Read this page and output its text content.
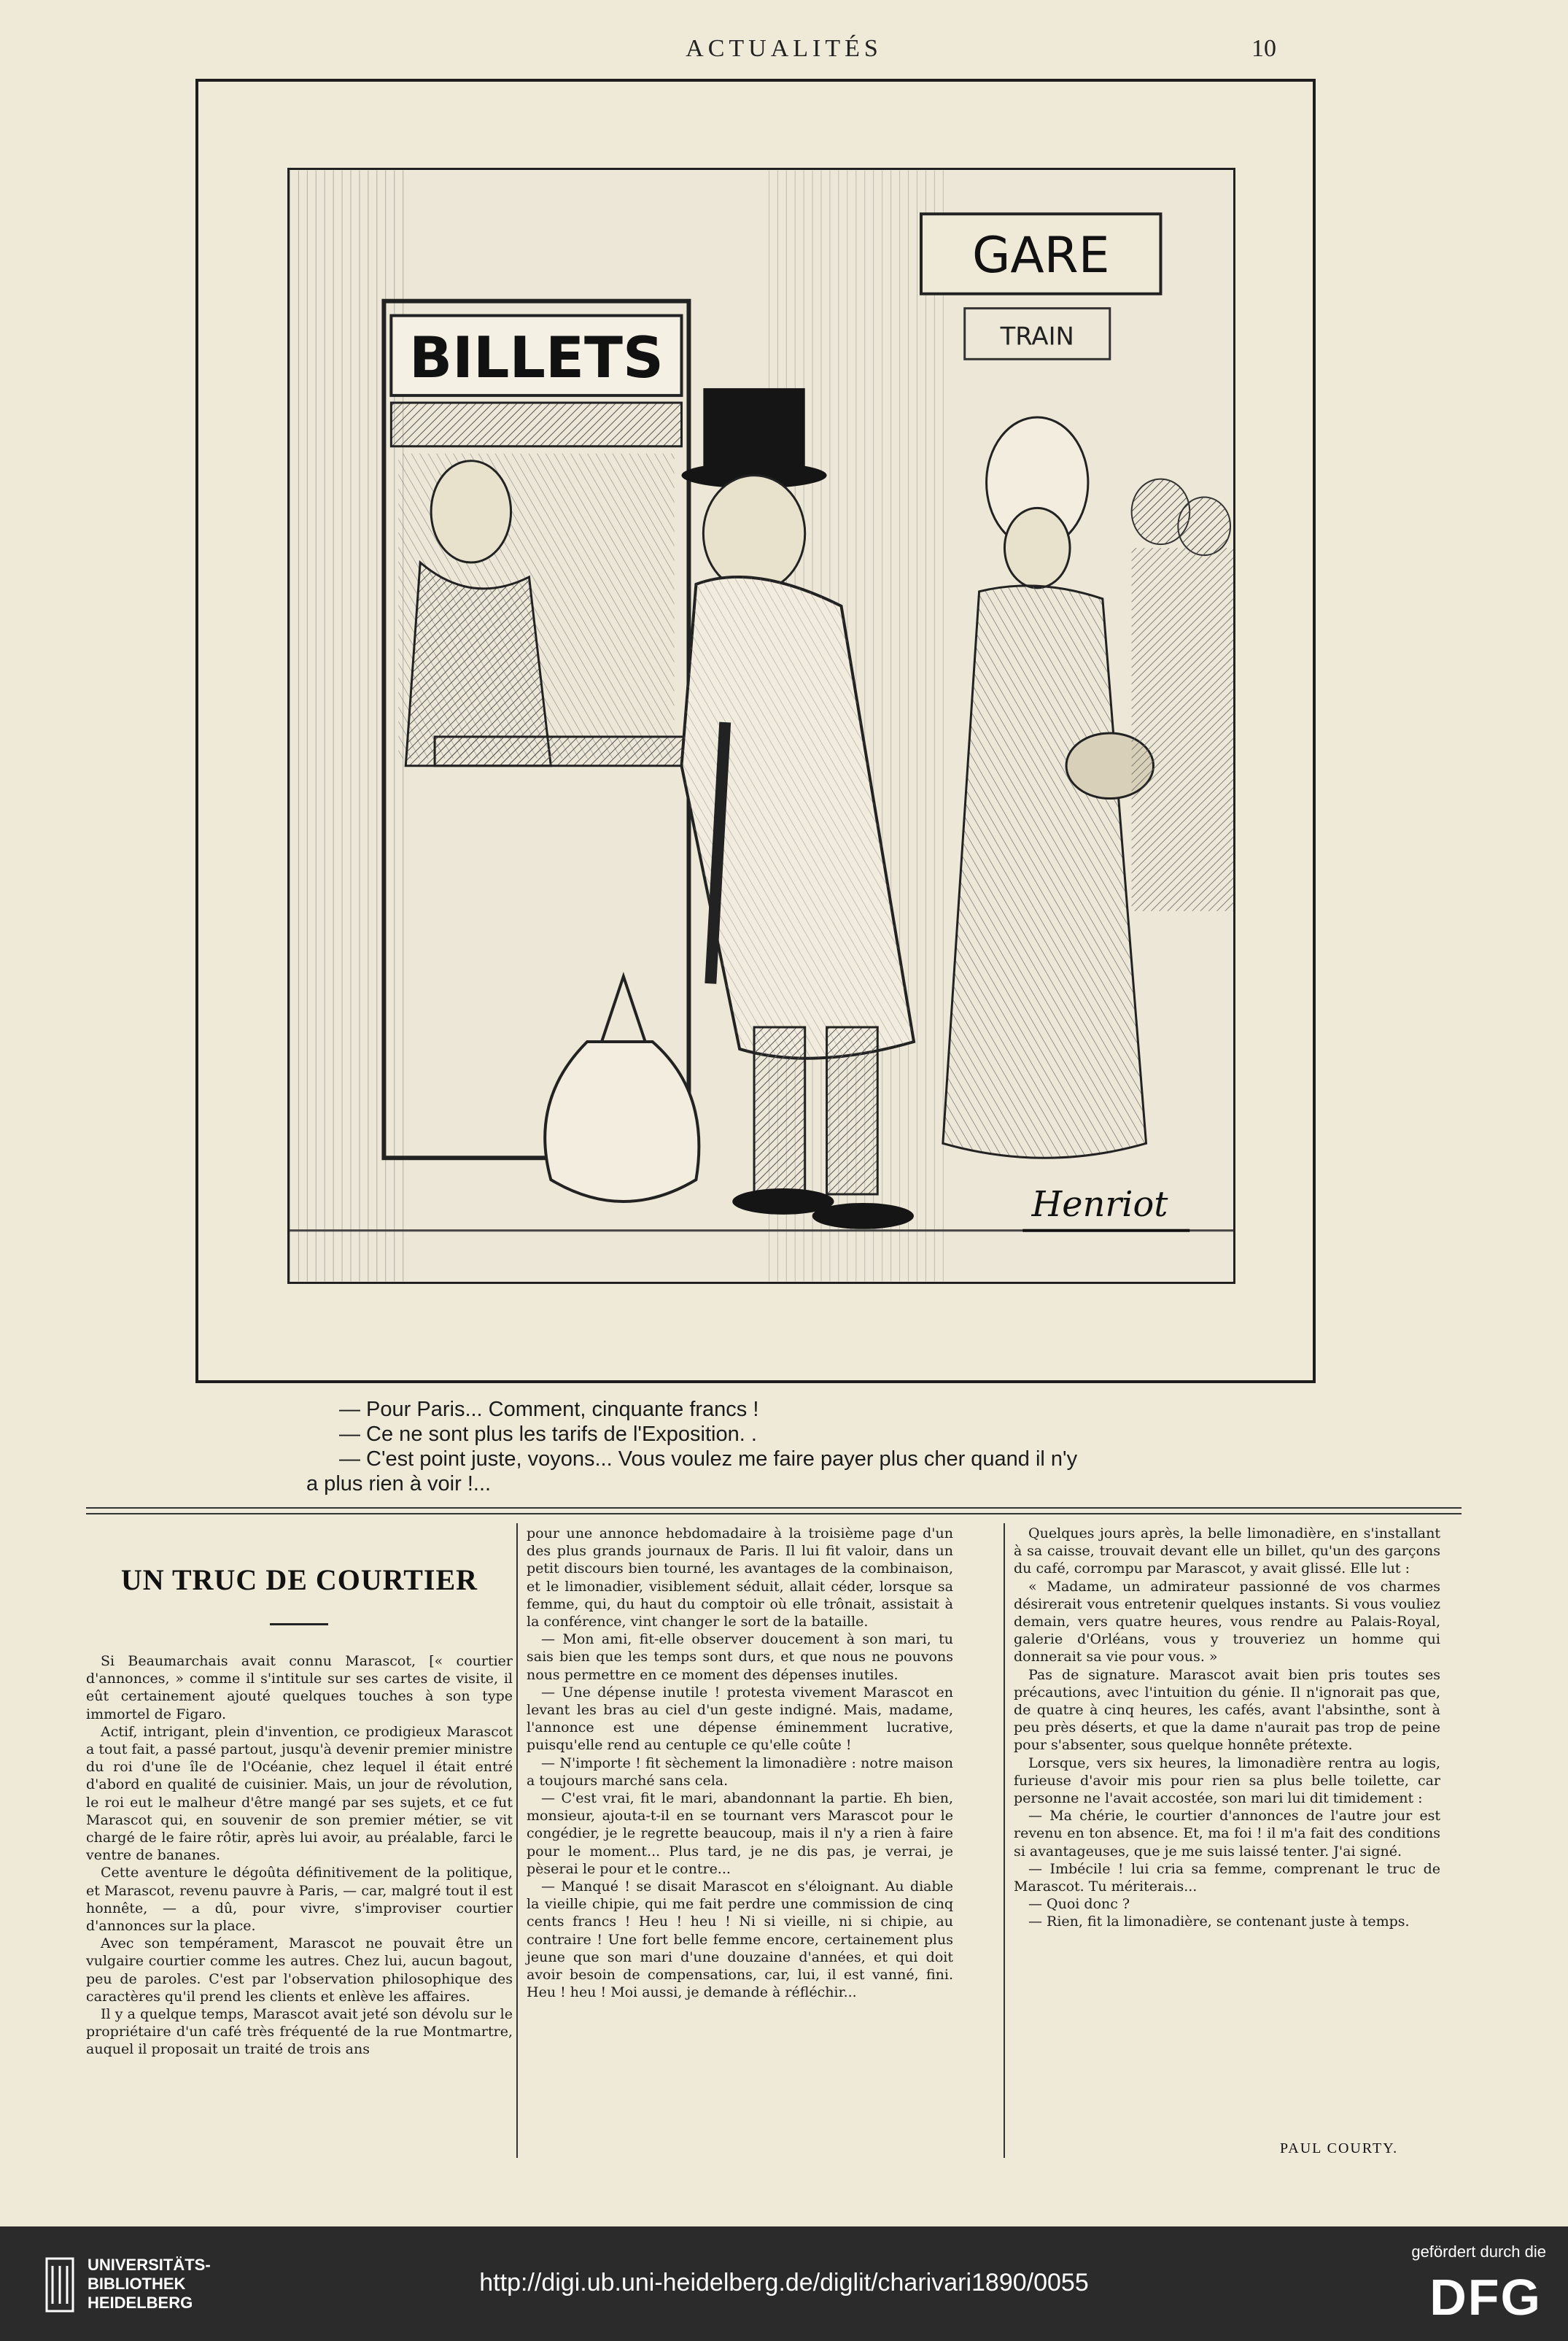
ACTUALITÉS	10
BILLETS
GARE
TRAIN
Henriot

— Pour Paris... Comment, cinquante francs !

— Ce ne sont plus les tarifs de l'Exposition. .

— C'est point juste, voyons... Vous voulez me faire payer plus cher quand il n'y

a plus rien à voir !...

UN TRUC DE COURTIER

Si Beaumarchais avait connu Marascot, [« courtier d'annonces, » comme il s'intitule sur ses cartes de visite, il eût certainement ajouté quelques touches à son type immortel de Figaro.

Actif, intrigant, plein d'invention, ce prodigieux Marascot a tout fait, a passé partout, jusqu'à devenir premier ministre du roi d'une île de l'Océanie, chez lequel il était entré d'abord en qualité de cuisinier. Mais, un jour de révolution, le roi eut le malheur d'être mangé par ses sujets, et ce fut Marascot qui, en souvenir de son premier métier, se vit chargé de le faire rôtir, après lui avoir, au préalable, farci le ventre de bananes.

Cette aventure le dégoûta définitivement de la politique, et Marascot, revenu pauvre à Paris, — car, malgré tout il est honnête, — a dû, pour vivre, s'improviser courtier d'annonces sur la place.

Avec son tempérament, Marascot ne pouvait être un vulgaire courtier comme les autres. Chez lui, aucun bagout, peu de paroles. C'est par l'observation philosophique des caractères qu'il prend les clients et enlève les affaires.

Il y a quelque temps, Marascot avait jeté son dévolu sur le propriétaire d'un café très fréquenté de la rue Montmartre, auquel il proposait un traité de trois ans

pour une annonce hebdomadaire à la troisième page d'un des plus grands journaux de Paris. Il lui fit valoir, dans un petit discours bien tourné, les avantages de la combinaison, et le limonadier, visiblement séduit, allait céder, lorsque sa femme, qui, du haut du comptoir où elle trônait, assistait à la conférence, vint changer le sort de la bataille.

— Mon ami, fit-elle observer doucement à son mari, tu sais bien que les temps sont durs, et que nous ne pouvons nous permettre en ce moment des dépenses inutiles.

— Une dépense inutile ! protesta vivement Marascot en levant les bras au ciel d'un geste indigné. Mais, madame, l'annonce est une dépense éminemment lucrative, puisqu'elle rend au centuple ce qu'elle coûte !

— N'importe ! fit sèchement la limonadière : notre maison a toujours marché sans cela.

— C'est vrai, fit le mari, abandonnant la partie. Eh bien, monsieur, ajouta-t-il en se tournant vers Marascot pour le congédier, je le regrette beaucoup, mais il n'y a rien à faire pour le moment... Plus tard, je ne dis pas, je verrai, je pèserai le pour et le contre...

— Manqué ! se disait Marascot en s'éloignant. Au diable la vieille chipie, qui me fait perdre une commission de cinq cents francs ! Heu ! heu ! Ni si vieille, ni si chipie, au contraire ! Une fort belle femme encore, certainement plus jeune que son mari d'une douzaine d'années, et qui doit avoir besoin de compensations, car, lui, il est vanné, fini. Heu ! heu ! Moi aussi, je demande à réfléchir...

Quelques jours après, la belle limonadière, en s'installant à sa caisse, trouvait devant elle un billet, qu'un des garçons du café, corrompu par Marascot, y avait glissé. Elle lut :

« Madame, un admirateur passionné de vos charmes désirerait vous entretenir quelques instants. Si vous vouliez demain, vers quatre heures, vous rendre au Palais-Royal, galerie d'Orléans, vous y trouveriez un homme qui donnerait sa vie pour vous. »

Pas de signature. Marascot avait bien pris toutes ses précautions, avec l'intuition du génie. Il n'ignorait pas que, de quatre à cinq heures, les cafés, avant l'absinthe, sont à peu près déserts, et que la dame n'aurait pas trop de peine pour s'absenter, sous quelque honnête prétexte.

Lorsque, vers six heures, la limonadière rentra au logis, furieuse d'avoir mis pour rien sa plus belle toilette, car personne ne l'avait accostée, son mari lui dit timidement :

— Ma chérie, le courtier d'annonces de l'autre jour est revenu en ton absence. Et, ma foi ! il m'a fait des conditions si avantageuses, que je me suis laissé tenter. J'ai signé.

— Imbécile ! lui cria sa femme, comprenant le truc de Marascot. Tu mériterais...

— Quoi donc ?

— Rien, fit la limonadière, se contenant juste à temps.

PAUL COURTY.
UNIVERSITÄTS-
BIBLIOTHEK
HEIDELBERG
http://digi.ub.uni-heidelberg.de/diglit/charivari1890/0055
gefördert durch die
DFG
